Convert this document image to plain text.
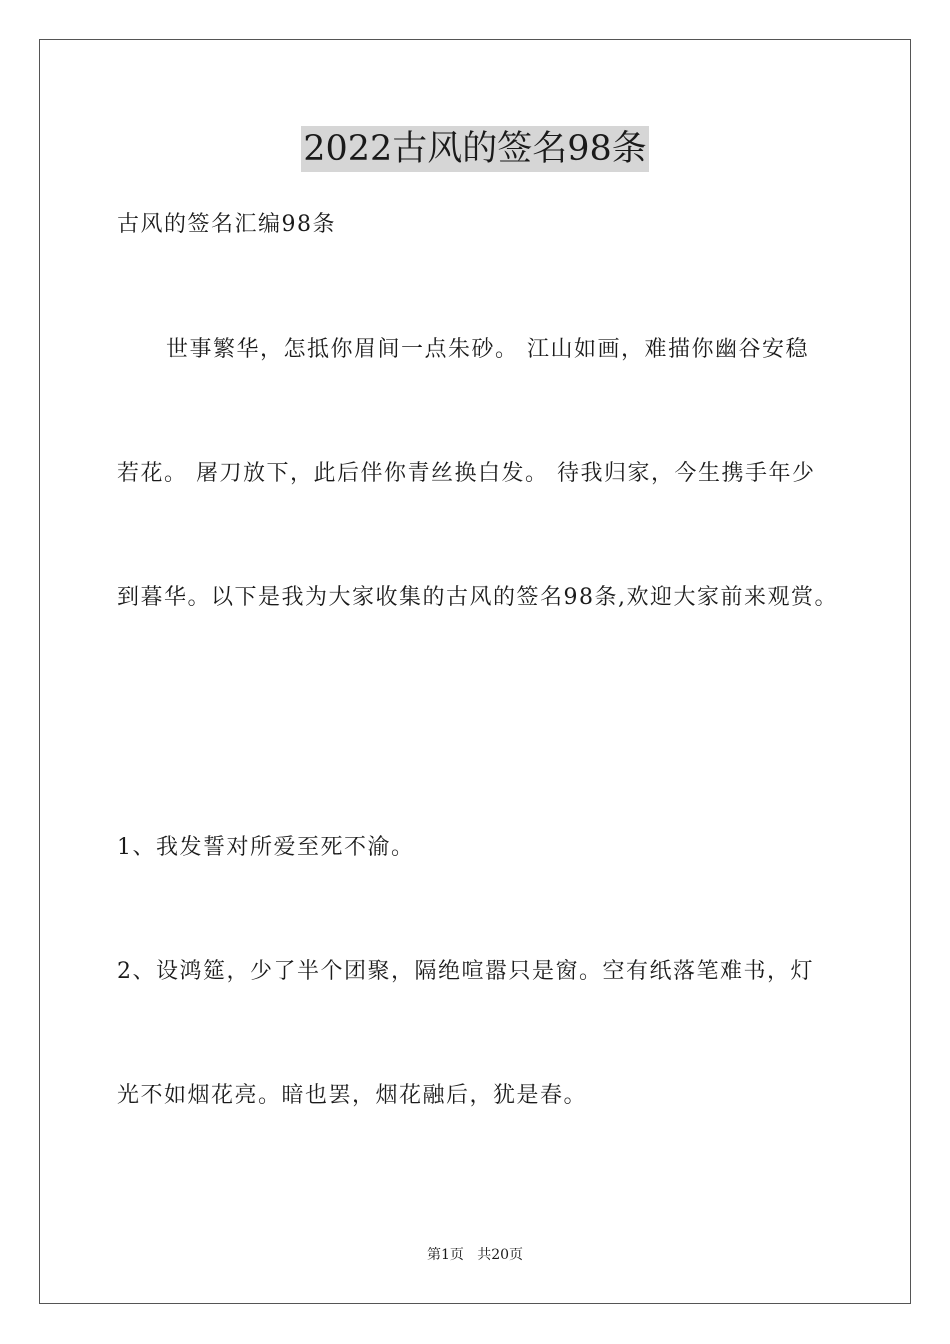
2022古风的签名98条
古风的签名汇编98条
世事繁华，怎抵你眉间一点朱砂。 江山如画，难描你幽谷安稳
若花。 屠刀放下，此后伴你青丝换白发。 待我归家，今生携手年少
到暮华。以下是我为大家收集的古风的签名98条,欢迎大家前来观赏。
1、我发誓对所爱至死不渝。
2、设鸿筵，少了半个团聚，隔绝喧嚣只是窗。空有纸落笔难书，灯
光不如烟花亮。暗也罢，烟花融后，犹是春。
第1页   共20页
